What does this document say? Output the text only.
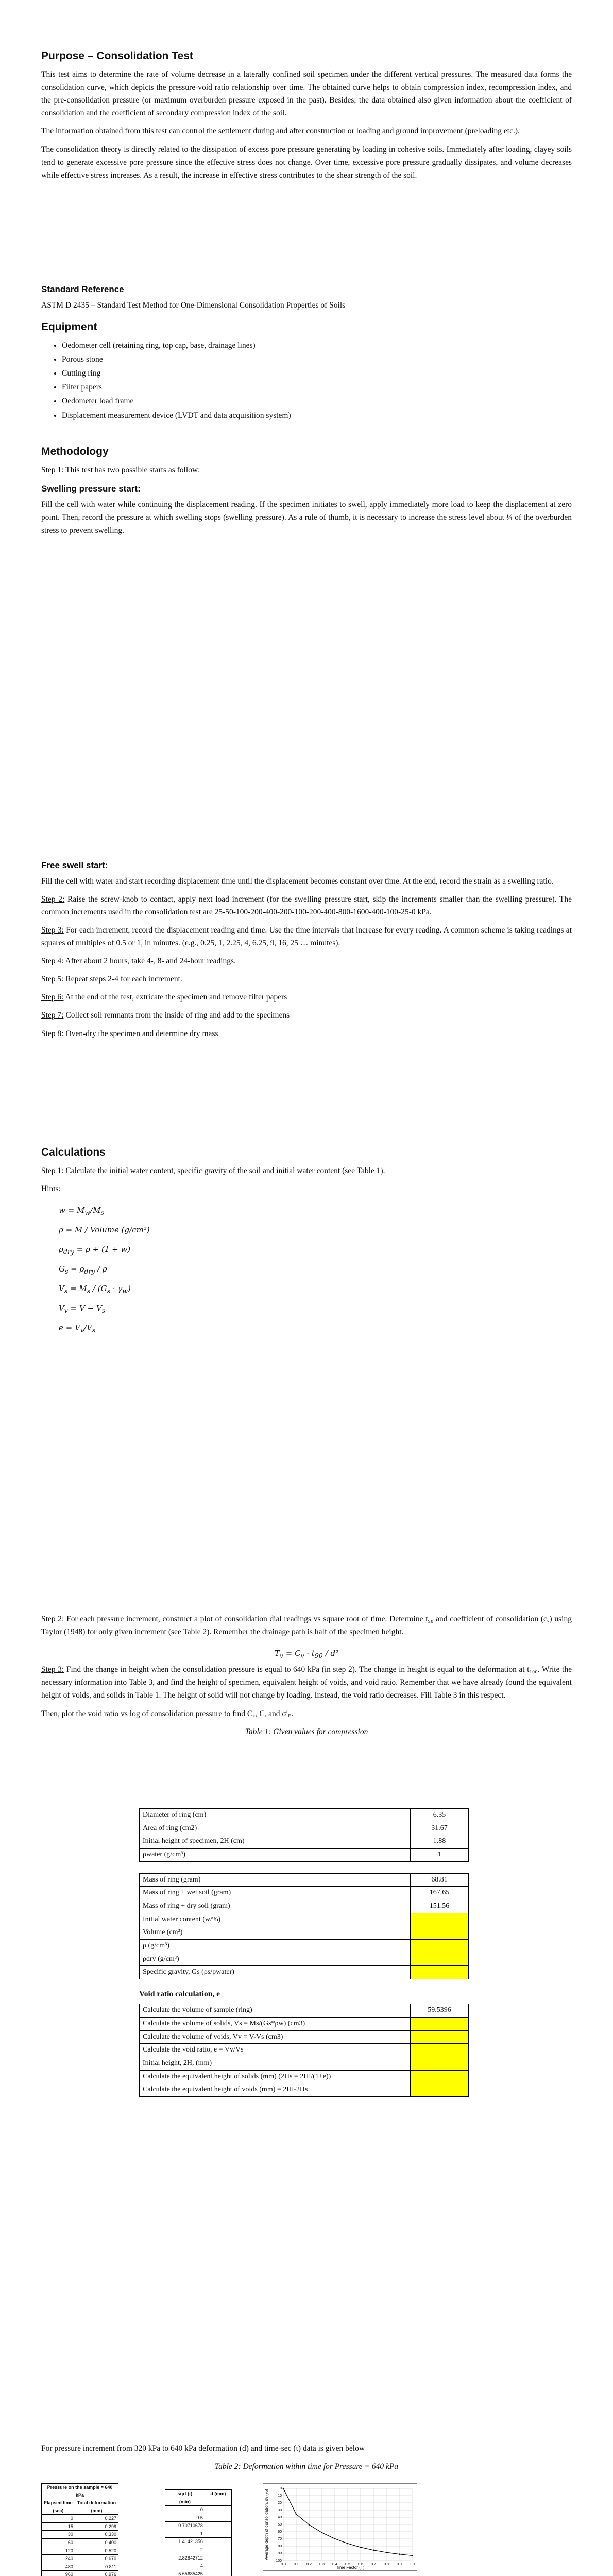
Purpose – Consolidation Test

This test aims to determine the rate of volume decrease in a laterally confined soil specimen under the different vertical pressures. The measured data forms the consolidation curve, which depicts the pressure-void ratio relationship over time. The obtained curve helps to obtain compression index, recompression index, and the pre-consolidation pressure (or maximum overburden pressure exposed in the past). Besides, the data obtained also given information about the coefficient of consolidation and the coefficient of secondary compression index of the soil.

The information obtained from this test can control the settlement during and after construction or loading and ground improvement (preloading etc.).

The consolidation theory is directly related to the dissipation of excess pore pressure generating by loading in cohesive soils. Immediately after loading, clayey soils tend to generate excessive pore pressure since the effective stress does not change. Over time, excessive pore pressure gradually dissipates, and volume decreases while effective stress increases. As a result, the increase in effective stress contributes to the shear strength of the soil.

Standard Reference

ASTM D 2435 – Standard Test Method for One-Dimensional Consolidation Properties of Soils

Equipment
• Oedometer cell (retaining ring, top cap, base, drainage lines)
• Porous stone
• Cutting ring
• Filter papers
• Oedometer load frame
• Displacement measurement device (LVDT and data acquisition system)
Methodology

Step 1: This test has two possible starts as follow:

Swelling pressure start:

Fill the cell with water while continuing the displacement reading. If the specimen initiates to swell, apply immediately more load to keep the displacement at zero point. Then, record the pressure at which swelling stops (swelling pressure). As a rule of thumb, it is necessary to increase the stress level about ¼ of the overburden stress to prevent swelling.

Free swell start:

Fill the cell with water and start recording displacement time until the displacement becomes constant over time. At the end, record the strain as a swelling ratio.

Step 2: Raise the screw-knob to contact, apply next load increment (for the swelling pressure start, skip the increments smaller than the swelling pressure). The common increments used in the consolidation test are 25-50-100-200-400-200-100-200-400-800-1600-400-100-25-0 kPa.

Step 3: For each increment, record the displacement reading and time. Use the time intervals that increase for every reading. A common scheme is taking readings at squares of multiples of 0.5 or 1, in minutes. (e.g., 0.25, 1, 2.25, 4, 6.25, 9, 16, 25 … minutes).

Step 4: After about 2 hours, take 4-, 8- and 24-hour readings.

Step 5: Repeat steps 2-4 for each increment.

Step 6: At the end of the test, extricate the specimen and remove filter papers

Step 7: Collect soil remnants from the inside of ring and add to the specimens

Step 8: Oven-dry the specimen and determine dry mass

Calculations

Step 1: Calculate the initial water content, specific gravity of the soil and initial water content (see Table 1).

Hints:

$w = M_w/M_s$
ρ = M / Volume (g/cm³)
$\rho_{dry} = \rho \div (1 + w)$
$G_s = \rho_{dry} / \rho$
$V_s = M_s / (G_s \cdot \gamma_w)$
$V_v = V - V_s$
$e = V_v/V_s$

Step 2: For each pressure increment, construct a plot of consolidation dial readings vs square root of time. Determine t₉₀ and coefficient of consolidation (cᵥ) using Taylor (1948) for only given increment (see Table 2). Remember the drainage path is half of the specimen height.

$T_v = C_v \cdot t_{90} / d^2$

Step 3: Find the change in height when the consolidation pressure is equal to 640 kPa (in step 2). The change in height is equal to the deformation at t₁₀₀. Write the necessary information into Table 3, and find the height of specimen, equivalent height of voids, and void ratio. Remember that we have already found the equivalent height of voids, and solids in Table 1. The height of solid will not change by loading. Instead, the void ratio decreases. Fill Table 3 in this respect.

Then, plot the void ratio vs log of consolidation pressure to find C꜀, Cᵣ and σ′ₚ.

Table 1: Given values for compression
Diameter of ring (cm)	6.35
Area of ring (cm2)	31.67
Initial height of specimen, 2H (cm)	1.88
ρwater (g/cm³)	1
Mass of ring (gram)	68.81
Mass of ring + wet soil (gram)	167.65
Mass of ring + dry soil (gram)	151.56
Initial water content (w/%)	
Volume (cm³)	
ρ (g/cm³)	
ρdry (g/cm³)	
Specific gravity, Gs (ρs/ρwater)	
Void ratio calculation, e
Calculate the volume of sample (ring)	59.5396
Calculate the volume of solids, Vs = Ms/(Gs*ρw) (cm3)	
Calculate the volume of voids, Vv = V-Vs (cm3)	
Calculate the void ratio, e = Vv/Vs	
Initial height, 2H, (mm)	
Calculate the equivalent height of solids (mm) (2Hs = 2Hi/(1+e))	
Calculate the equivalent height of voids (mm) = 2Hi-2Hs	

For pressure increment from 320 kPa to 640 kPa deformation (d) and time-sec (t) data is given below

Table 2: Deformation within time for Pressure = 640 kPa
Pressure on the sample = 640 kPa	
Elapsed time (sec)	Total deformation (mm)
0	0.227
15	0.299
30	0.330
60	0.400
120	0.520
240	0.670
480	0.811
960	0.976

sqrt (t)	d (mm)
(min)	
0	
0.5	
0.70710678	
1	
1.41421356	
2	
2.82842712	
4	
5.65685425	

0.0 0.1 0.2 0.3 0.4 0.5 0.6 0.7 0.8 0.9 1.0
0
10
20
30
40
50
60
70
80
90
100
Time Factor (T)
Average depth of consolidation, dv (%)
